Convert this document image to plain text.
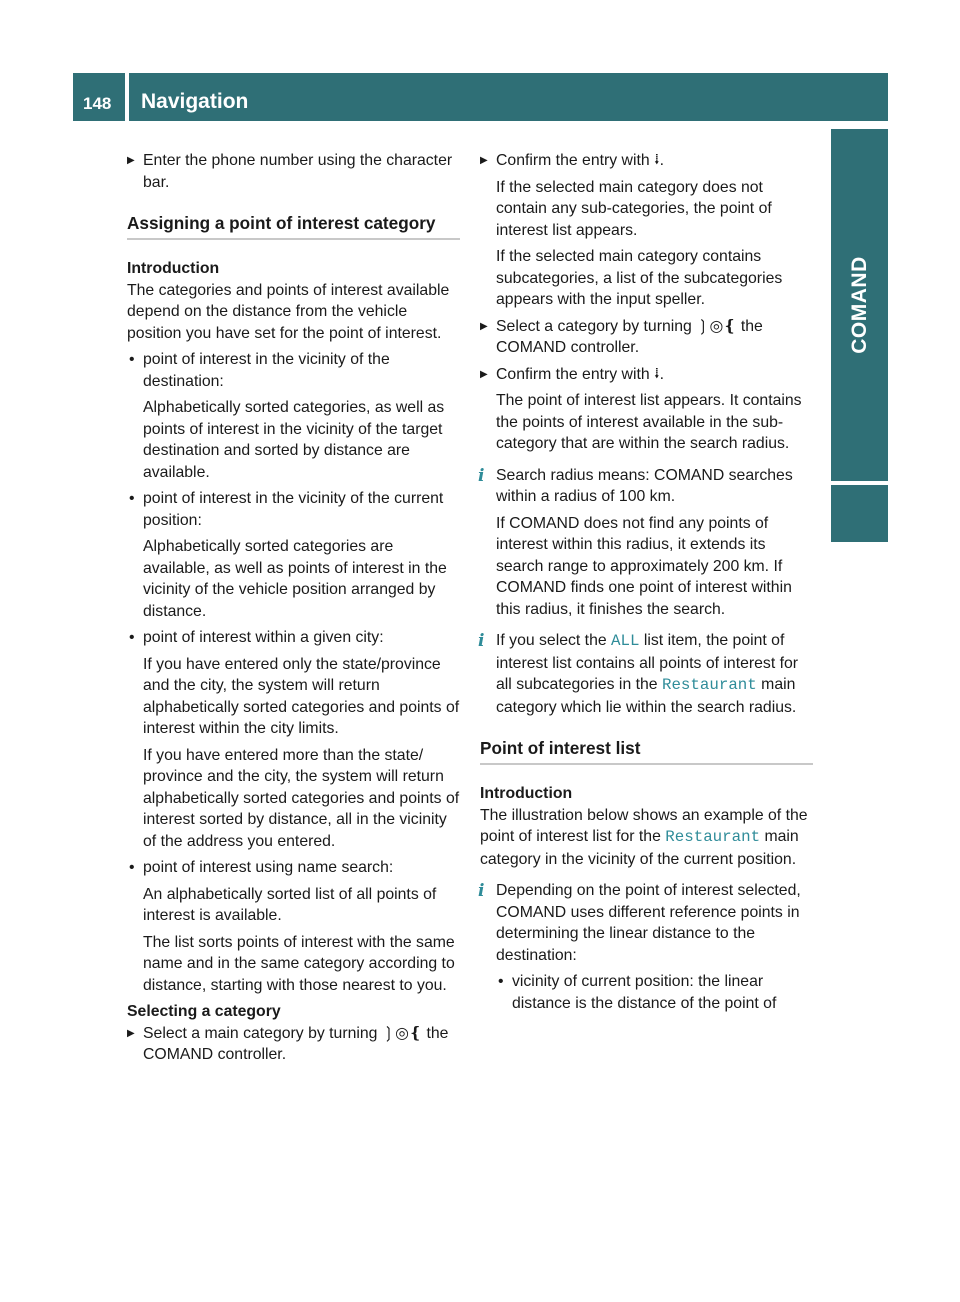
148 Navigation
COMAND
▶ Enter the phone number using the character bar.

Assigning a point of interest category

Introduction

The categories and points of interest available depend on the distance from the vehicle position you have set for the point of interest.

• point of interest in the vicinity of the destination:

Alphabetically sorted categories, as well as points of interest in the vicinity of the target destination and sorted by distance are available.

• point of interest in the vicinity of the current position:

Alphabetically sorted categories are available, as well as points of interest in the vicinity of the vehicle position arranged by distance.

• point of interest within a given city:

If you have entered only the state/province and the city, the system will return alphabetically sorted categories and points of interest within the city limits.

If you have entered more than the state/ province and the city, the system will return alphabetically sorted categories and points of interest sorted by distance, all in the vicinity of the address you entered.

• point of interest using name search:

An alphabetically sorted list of all points of interest is available.

The list sorts points of interest with the same name and in the same category according to distance, starting with those nearest to you.

Selecting a category

▶ Select a main category by turning ❳◎❴ the COMAND controller.

▶ Confirm the entry with ⭭.

If the selected main category does not contain any sub-categories, the point of interest list appears.

If the selected main category contains subcategories, a list of the subcategories appears with the input speller.

▶ Select a category by turning ❳◎❴ the COMAND controller.

▶ Confirm the entry with ⭭.

The point of interest list appears. It contains the points of interest available in the sub-category that are within the search radius.

i Search radius means: COMAND searches within a radius of 100 km.

If COMAND does not find any points of interest within this radius, it extends its search range to approximately 200 km. If COMAND finds one point of interest within this radius, it finishes the search.

i If you select the ALL list item, the point of interest list contains all points of interest for all subcategories in the Restaurant main category which lie within the search radius.

Point of interest list

Introduction

The illustration below shows an example of the point of interest list for the Restaurant main category in the vicinity of the current position.

i Depending on the point of interest selected, COMAND uses different reference points in determining the linear distance to the destination:

• vicinity of current position: the linear distance is the distance of the point of
